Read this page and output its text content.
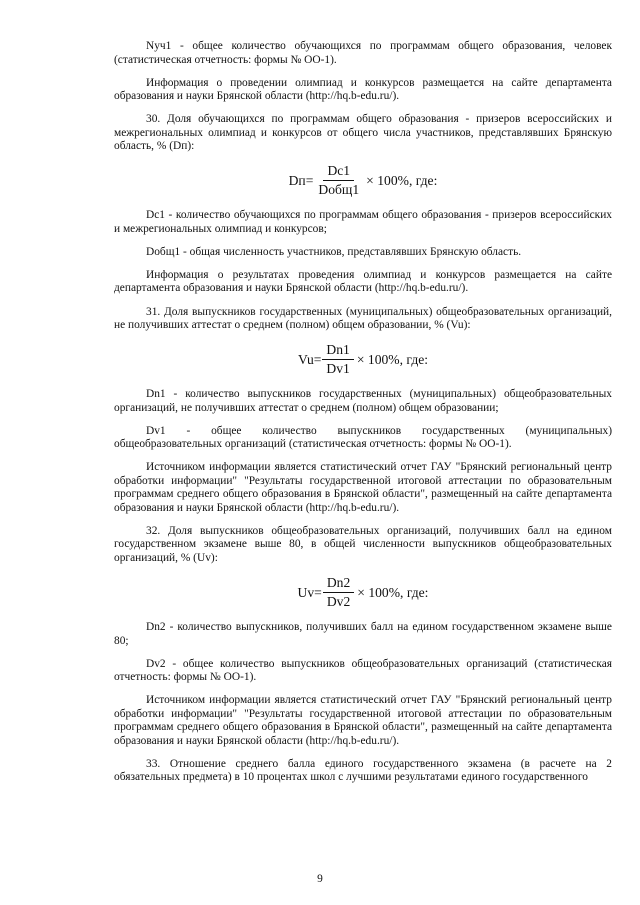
Nуч1 - общее количество обучающихся по программам общего образования, человек (статистическая отчетность: формы № ОО-1).

Информация о проведении олимпиад и конкурсов размещается на сайте департамента образования и науки Брянской области (http://hq.b-edu.ru/).

30. Доля обучающихся по программам общего образования - призеров всероссийских и межрегиональных олимпиад и конкурсов от общего числа участников, представлявших Брянскую область, % (Dп):

$Dп= \frac{Dc1}{\text{Dобщ1}} \times 100\%$, где:

Dc1 - количество обучающихся по программам общего образования - призеров всероссийских и межрегиональных олимпиад и конкурсов;

Dобщ1 - общая численность участников, представлявших Брянскую область.

Информация о результатах проведения олимпиад и конкурсов размещается на сайте департамента образования и науки Брянской области (http://hq.b-edu.ru/).

31. Доля выпускников государственных (муниципальных) общеобразовательных организаций, не получивших аттестат о среднем (полном) общем образовании, % (Vu):

$Vu= \frac{Dn1}{Dv1} \times 100\%$, где:

Dn1 - количество выпускников государственных (муниципальных) общеобразовательных организаций, не получивших аттестат о среднем (полном) общем образовании;

Dv1 - общее количество выпускников государственных (муниципальных) общеобразовательных организаций (статистическая отчетность: формы № ОО-1).

Источником информации является статистический отчет ГАУ "Брянский региональный центр обработки информации" "Результаты государственной итоговой аттестации по образовательным программам среднего общего образования в Брянской области", размещенный на сайте департамента образования и науки Брянской области (http://hq.b-edu.ru/).

32. Доля выпускников общеобразовательных организаций, получивших балл на едином государственном экзамене выше 80, в общей численности выпускников общеобразовательных организаций, % (Uv):

$Uv= \frac{Dn2}{Dv2} \times 100\%$, где:

Dn2 - количество выпускников, получивших балл на едином государственном экзамене выше 80;

Dv2 - общее количество выпускников общеобразовательных организаций (статистическая отчетность: формы № ОО-1).

Источником информации является статистический отчет ГАУ "Брянский региональный центр обработки информации" "Результаты государственной итоговой аттестации по образовательным программам среднего общего образования в Брянской области", размещенный на сайте департамента образования и науки Брянской области (http://hq.b-edu.ru/).

33. Отношение среднего балла единого государственного экзамена (в расчете на 2 обязательных предмета) в 10 процентах школ с лучшими результатами единого государственного

9
